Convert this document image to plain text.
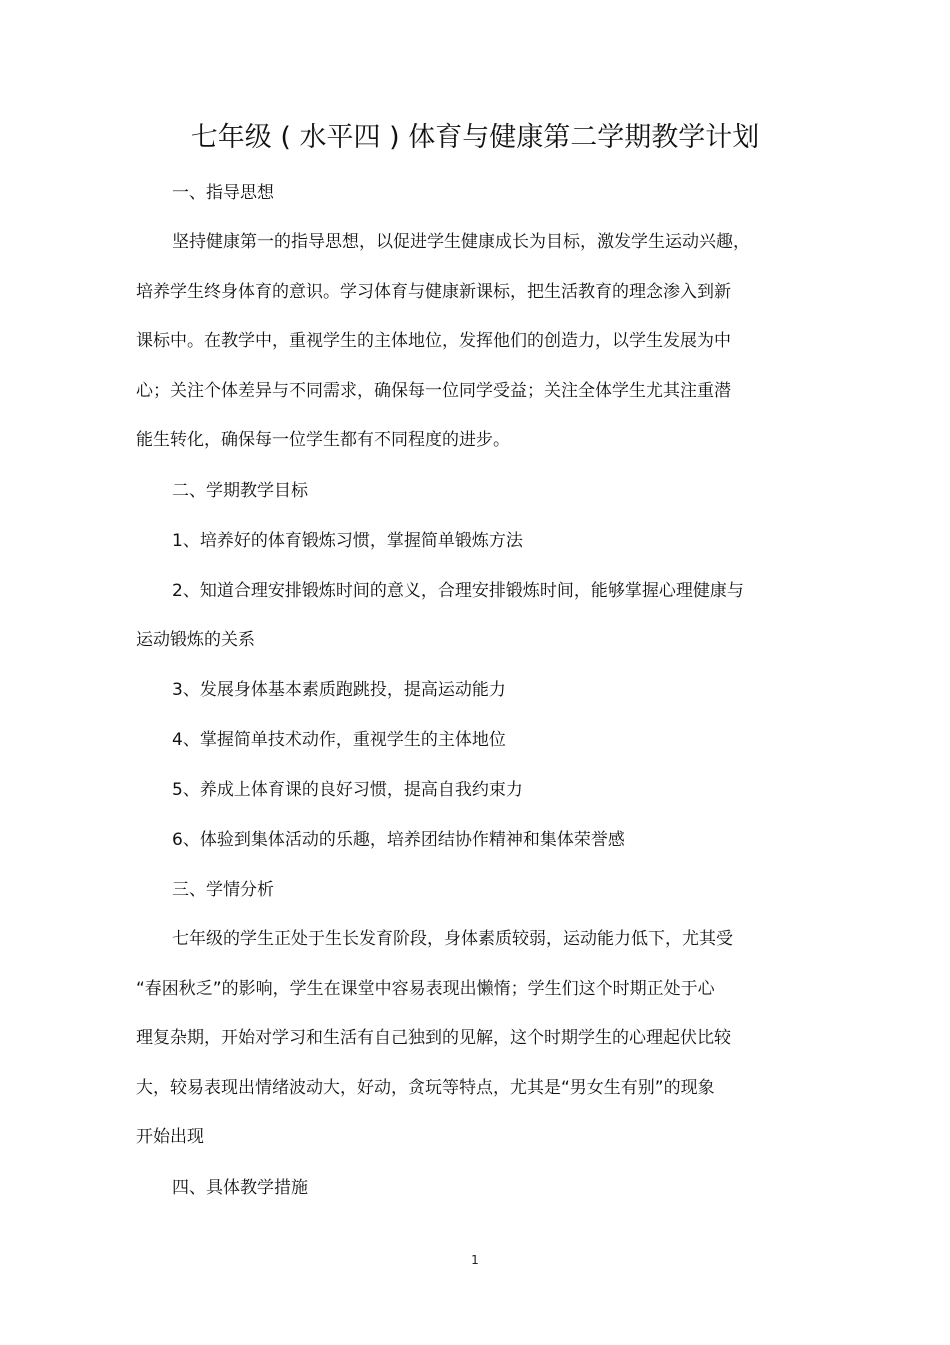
七年级 ( 水平四 ) 体育与健康第二学期教学计划

一、指导思想

坚持健康第一的指导思想，以促进学生健康成长为目标，激发学生运动兴趣，

培养学生终身体育的意识。学习体育与健康新课标，把生活教育的理念渗入到新

课标中。在教学中，重视学生的主体地位，发挥他们的创造力，以学生发展为中

心；关注个体差异与不同需求，确保每一位同学受益；关注全体学生尤其注重潜

能生转化，确保每一位学生都有不同程度的进步。

二、学期教学目标

1、培养好的体育锻炼习惯，掌握简单锻炼方法

2、知道合理安排锻炼时间的意义，合理安排锻炼时间，能够掌握心理健康与

运动锻炼的关系

3、发展身体基本素质跑跳投，提高运动能力

4、掌握简单技术动作，重视学生的主体地位

5、养成上体育课的良好习惯，提高自我约束力

6、体验到集体活动的乐趣，培养团结协作精神和集体荣誉感

三、学情分析

七年级的学生正处于生长发育阶段，身体素质较弱，运动能力低下，尤其受

“春困秋乏”的影响，学生在课堂中容易表现出懒惰；学生们这个时期正处于心

理复杂期，开始对学习和生活有自己独到的见解，这个时期学生的心理起伏比较

大，较易表现出情绪波动大，好动，贪玩等特点，尤其是“男女生有别”的现象

开始出现

四、具体教学措施

1
